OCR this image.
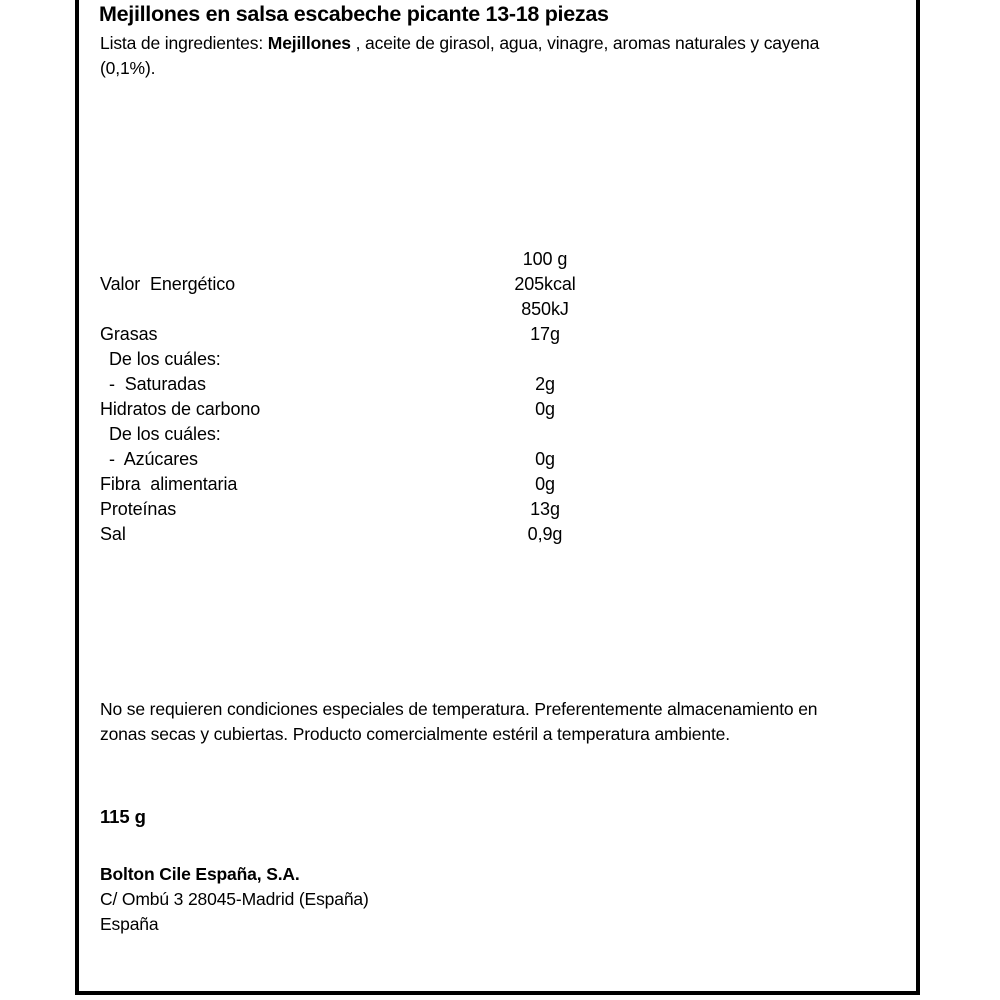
Mejillones en salsa escabeche picante 13-18 piezas
Lista de ingredientes: Mejillones , aceite de girasol, agua, vinagre, aromas naturales y cayena (0,1%).
100 g
Valor  Energético	205kcal
850kJ
Grasas	17g
De los cuáles:
-  Saturadas	2g
Hidratos de carbono	0g
De los cuáles:
-  Azúcares	0g
Fibra  alimentaria	0g
Proteínas	13g
Sal	0,9g
No se requieren condiciones especiales de temperatura. Preferentemente almacenamiento en zonas secas y cubiertas. Producto comercialmente estéril a temperatura ambiente.
115 g
Bolton Cile España, S.A.
C/ Ombú 3 28045-Madrid (España)
España
